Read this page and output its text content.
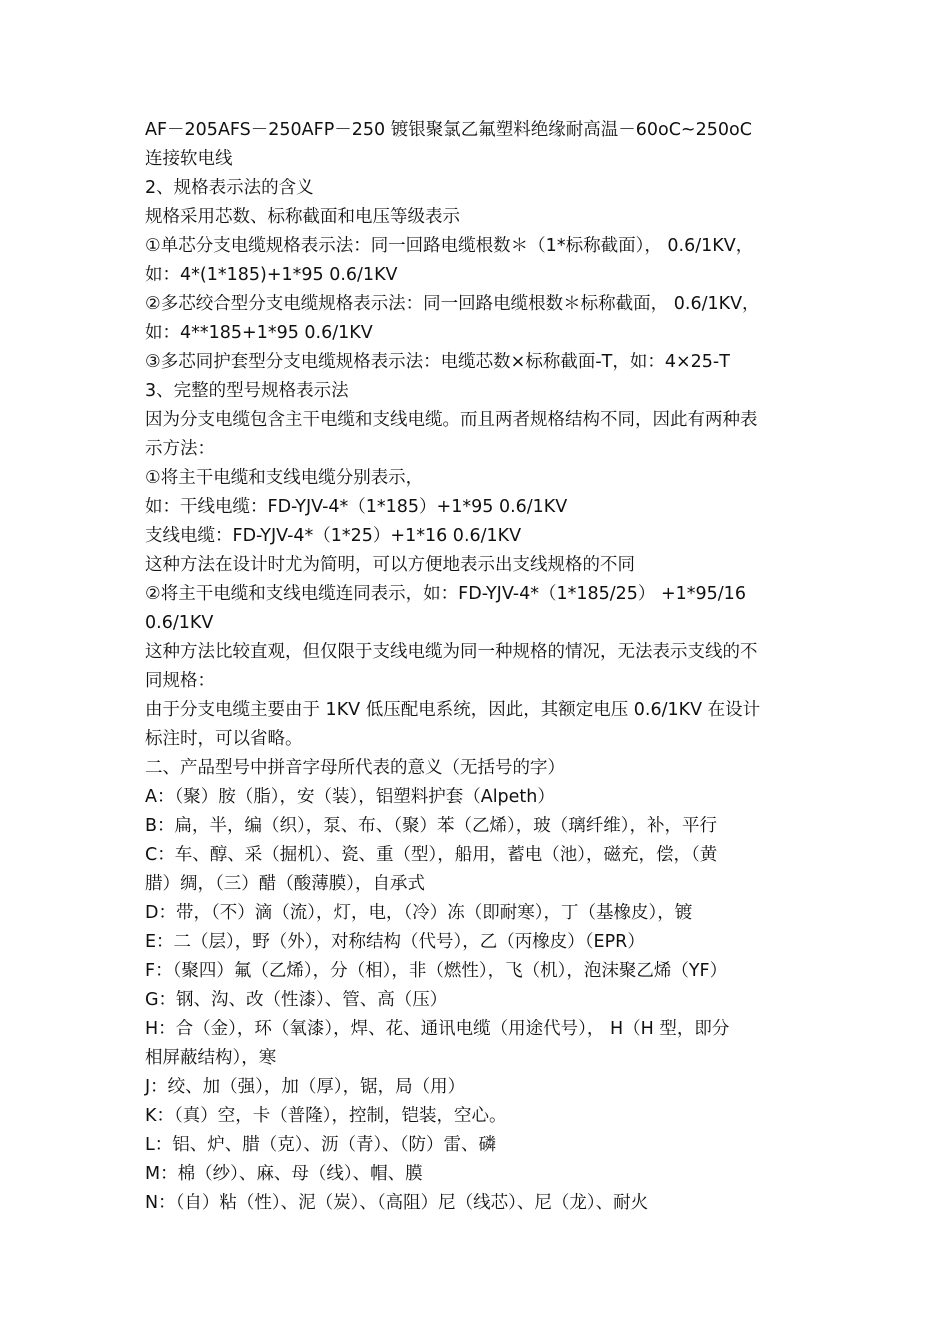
AF－205AFS－250AFP－250 镀银聚氯乙氟塑料绝缘耐高温－60oC~250oC
连接软电线
2、规格表示法的含义
规格采用芯数、标称截面和电压等级表示
①单芯分支电缆规格表示法：同一回路电缆根数＊（1*标称截面）， 0.6/1KV，
如：4*(1*185)+1*95 0.6/1KV
②多芯绞合型分支电缆规格表示法：同一回路电缆根数＊标称截面， 0.6/1KV，
如：4**185+1*95 0.6/1KV
③多芯同护套型分支电缆规格表示法：电缆芯数×标称截面-T，如：4×25-T
3、完整的型号规格表示法
因为分支电缆包含主干电缆和支线电缆。而且两者规格结构不同，因此有两种表
示方法：
①将主干电缆和支线电缆分别表示，
如：干线电缆：FD-YJV-4*（1*185）+1*95 0.6/1KV
支线电缆：FD-YJV-4*（1*25）+1*16 0.6/1KV
这种方法在设计时尤为简明，可以方便地表示出支线规格的不同
②将主干电缆和支线电缆连同表示，如：FD-YJV-4*（1*185/25） +1*95/16
0.6/1KV
这种方法比较直观，但仅限于支线电缆为同一种规格的情况，无法表示支线的不
同规格：
由于分支电缆主要由于 1KV 低压配电系统，因此，其额定电压 0.6/1KV 在设计
标注时，可以省略。
二、产品型号中拼音字母所代表的意义（无括号的字）
A：（聚）胺（脂），安（装），铝塑料护套（Alpeth）
B：扁，半，编（织），泵、布、（聚）苯（乙烯），玻（璃纤维），补，平行
C：车、醇、采（掘机）、瓷、重（型），船用，蓄电（池），磁充，偿，（黄
腊）绸，（三）醋（酸薄膜），自承式
D：带，（不）滴（流），灯，电，（冷）冻（即耐寒），丁（基橡皮），镀
E：二（层），野（外），对称结构（代号），乙（丙橡皮）（EPR）
F：（聚四）氟（乙烯），分（相），非（燃性），飞（机），泡沫聚乙烯（YF）
G：钢、沟、改（性漆）、管、高（压）
H：合（金），环（氧漆），焊、花、通讯电缆（用途代号）， H（H 型，即分
相屏蔽结构），寒
J：绞、加（强），加（厚），锯，局（用）
K：（真）空，卡（普隆），控制，铠装，空心。
L：铝、炉、腊（克）、沥（青）、（防）雷、磷
M：棉（纱）、麻、母（线）、帽、膜
N：（自）粘（性）、泥（炭）、（高阻）尼（线芯）、尼（龙）、耐火
